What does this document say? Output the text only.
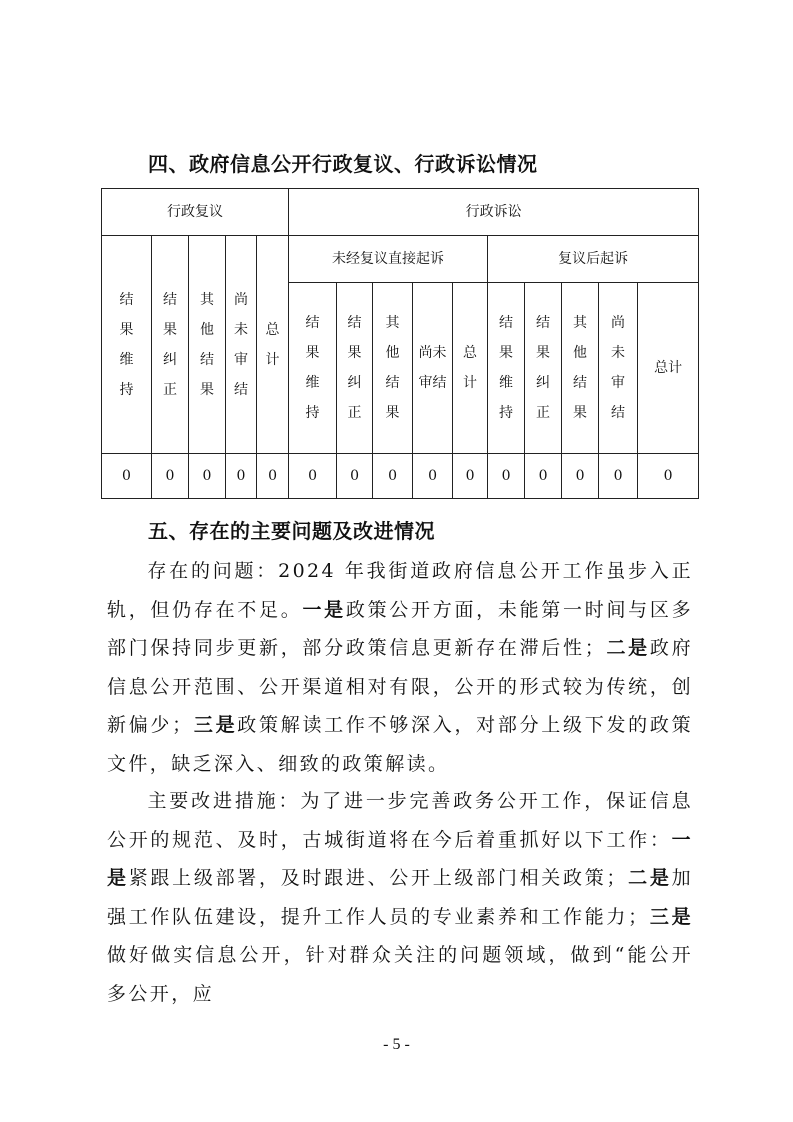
四、政府信息公开行政复议、行政诉讼情况
行政复议					行政诉讼									
结果维持	结果纠正	其他结果	尚未审结	总计	未经复议直接起诉					复议后起诉				
					结果维持	结果纠正	其他结果	尚未审结	总计	结果维持	结果纠正	其他结果	尚未审结	总计
0	0	0	0	0	0	0	0	0	0	0	0	0	0	0
五、存在的主要问题及改进情况
存在的问题：2024 年我街道政府信息公开工作虽步入正轨，但仍存在不足。一是政策公开方面，未能第一时间与区多部门保持同步更新，部分政策信息更新存在滞后性；二是政府信息公开范围、公开渠道相对有限，公开的形式较为传统，创新偏少；三是政策解读工作不够深入，对部分上级下发的政策文件，缺乏深入、细致的政策解读。
主要改进措施：为了进一步完善政务公开工作，保证信息公开的规范、及时，古城街道将在今后着重抓好以下工作：一是紧跟上级部署，及时跟进、公开上级部门相关政策；二是加强工作队伍建设，提升工作人员的专业素养和工作能力；三是做好做实信息公开，针对群众关注的问题领域，做到“能公开多公开，应
- 5 -
